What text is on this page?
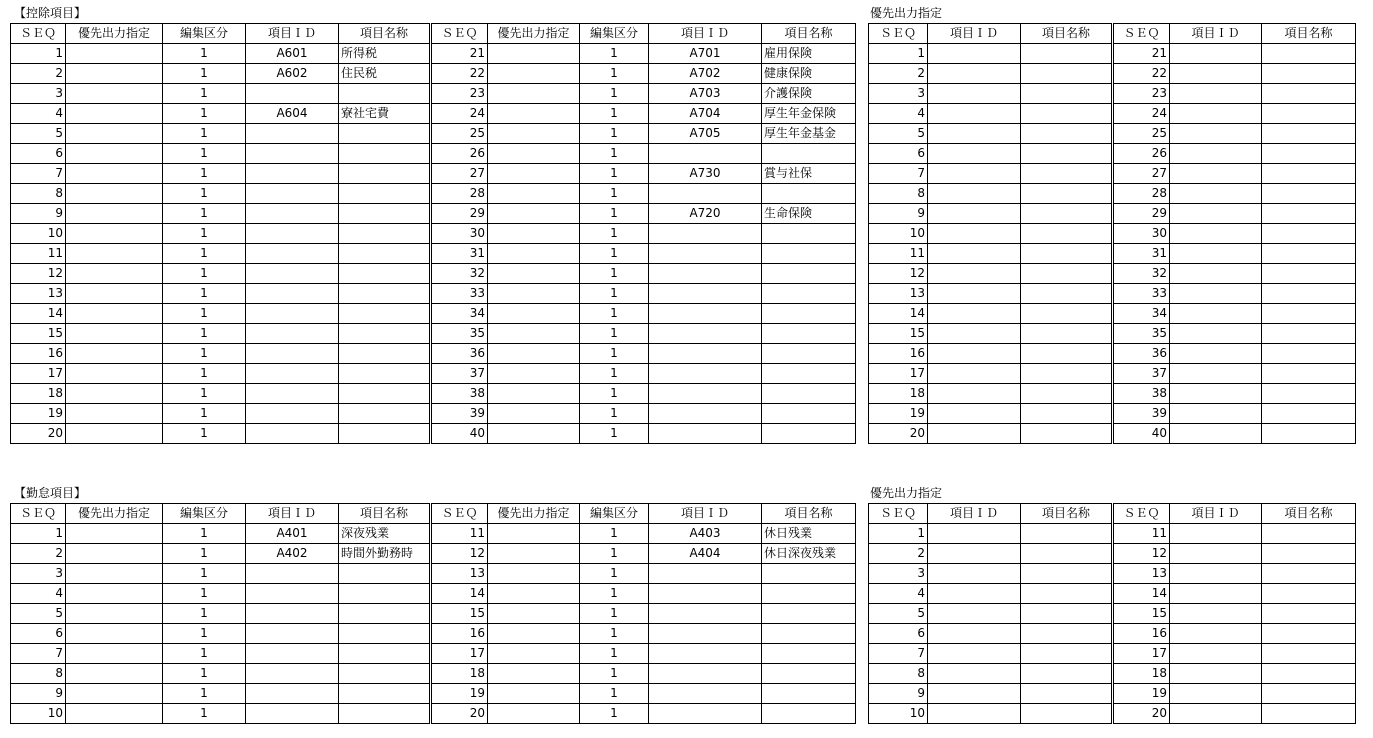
【控除項目】	優先出力指定
【勤怠項目】	優先出力指定
ＳＥＱ	優先出力指定	編集区分	項目ＩＤ	項目名称	ＳＥＱ	優先出力指定	編集区分	項目ＩＤ	項目名称
1		1	A601	所得税	21		1	A701	雇用保険
2		1	A602	住民税	22		1	A702	健康保険
3		1			23		1	A703	介護保険
4		1	A604	寮社宅費	24		1	A704	厚生年金保険
5		1			25		1	A705	厚生年金基金
6		1			26		1		
7		1			27		1	A730	賞与社保
8		1			28		1		
9		1			29		1	A720	生命保険
10		1			30		1		
11		1			31		1		
12		1			32		1		
13		1			33		1		
14		1			34		1		
15		1			35		1		
16		1			36		1		
17		1			37		1		
18		1			38		1		
19		1			39		1		
20		1			40		1		
ＳＥＱ	項目ＩＤ	項目名称	ＳＥＱ	項目ＩＤ	項目名称
1			21		
2			22		
3			23		
4			24		
5			25		
6			26		
7			27		
8			28		
9			29		
10			30		
11			31		
12			32		
13			33		
14			34		
15			35		
16			36		
17			37		
18			38		
19			39		
20			40		
ＳＥＱ	優先出力指定	編集区分	項目ＩＤ	項目名称	ＳＥＱ	優先出力指定	編集区分	項目ＩＤ	項目名称
1		1	A401	深夜残業	11		1	A403	休日残業
2		1	A402	時間外勤務時	12		1	A404	休日深夜残業
3		1			13		1		
4		1			14		1		
5		1			15		1		
6		1			16		1		
7		1			17		1		
8		1			18		1		
9		1			19		1		
10		1			20		1		
ＳＥＱ	項目ＩＤ	項目名称	ＳＥＱ	項目ＩＤ	項目名称
1			11		
2			12		
3			13		
4			14		
5			15		
6			16		
7			17		
8			18		
9			19		
10			20		
